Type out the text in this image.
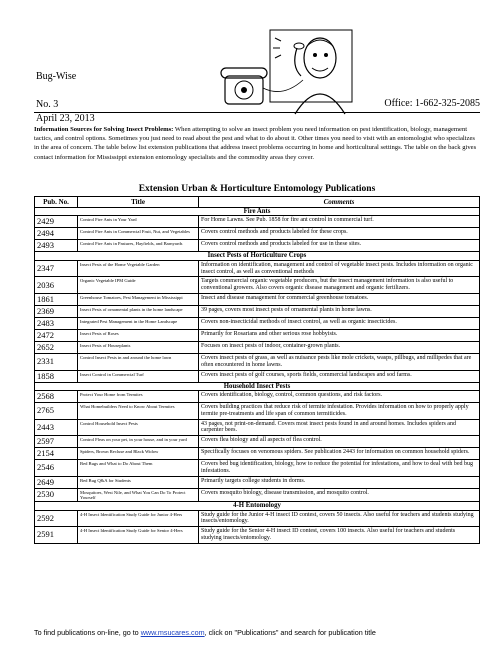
Bug-Wise
No. 3
April 23, 2013
Office: 1-662-325-2085
Information Sources for Solving Insect Problems: When attempting to solve an insect problem you need information on pest identification, biology, management tactics, and control options. Sometimes you just need to read about the pest and what to do about it. Other times you need to visit with an entomologist who specializes in the area of concern. The table below list extension publications that address insect problems occurring in home and horticultural settings. The table on the back gives contact information for Mississippi extension entomology specialists and the commodity areas they cover.
Extension Urban & Horticulture Entomology Publications
Pub. No.	Title	Comments
Fire Ants		
2429	Control Fire Ants in Your Yard	For Home Lawns. See Pub. 1858 for fire ant control in commercial turf.
2494	Control Fire Ants in Commercial Fruit, Nut, and Vegetables	Covers control methods and products labeled for these crops.
2493	Control Fire Ants in Pastures, Hayfields, and Barnyards	Covers control methods and products labeled for use in these sites.
Insect Pests of Horticulture Crops		
2347	Insect Pests of the Home Vegetable Garden	Information on identification, management and control of vegetable insect pests. Includes information on organic insect control, as well as conventional methods
2036	Organic Vegetable IPM Guide	Targets commercial organic vegetable producers, but the insect management information is also useful to conventional growers. Also covers organic disease management and organic fertilizers.
1861	Greenhouse Tomatoes, Pest Management in Mississippi	Insect and disease management for commercial greenhouse tomatoes.
2369	Insect Pests of ornamental plants in the home landscape	39 pages, covers most insect pests of ornamental plants in home lawns.
2483	Integrated Pest Management in the Home Landscape	Covers non-insecticidal methods of insect control, as well as organic insecticides.
2472	Insect Pests of Roses	Primarily for Rosarians and other serious rose hobbyists.
2652	Insect Pests of Houseplants	Focuses on insect pests of indoor, container-grown plants.
2331	Control Insect Pests in and around the home lawn	Covers insect pests of grass, as well as nuisance pests like mole crickets, wasps, pillbugs, and millipedes that are often encountered in home lawns.
1858	Insect Control in Commercial Turf	Covers insect pests of golf courses, sports fields, commercial landscapes and sod farms.
Household Insect Pests		
2568	Protect Your Home from Termites	Covers identification, biology, control, common questions, and risk factors.
2765	What Homebuilders Need to Know About Termites	Covers building practices that reduce risk of termite infestation. Provides information on how to properly apply termite pre-treatments and life span of common termiticides.
2443	Control Household Insect Pests	43 pages, not print-on-demand. Covers most insect pests found in and around homes. Includes spiders and carpenter bees.
2597	Control Fleas on your pet, in your house, and in your yard	Covers flea biology and all aspects of flea control.
2154	Spiders, Brown Recluse and Black Widow	Specifically focuses on venomous spiders. See publication 2443 for information on common household spiders.
2546	Bed Bugs and What to Do About Them	Covers bed bug identification, biology, how to reduce the potential for infestations, and how to deal with bed bug infestations.
2649	Bed Bug Q&A for Students	Primarily targets college students in dorms.
2530	Mosquitoes, West Nile, and What You Can Do To Protect Yourself	Covers mosquito biology, disease transmission, and mosquito control.
4-H Entomology		
2592	4-H Insect Identification Study Guide for Junior 4-Hers	Study guide for the Junior 4-H insect ID contest, covers 50 insects. Also useful for teachers and students studying insects/entomology.
2591	4-H Insect Identification Study Guide for Senior 4-Hers	Study guide for the Senior 4-H insect ID contest, covers 100 insects. Also useful for teachers and students studying insects/entomology.
To find publications on-line, go to www.msucares.com, click on "Publications" and search for publication title
